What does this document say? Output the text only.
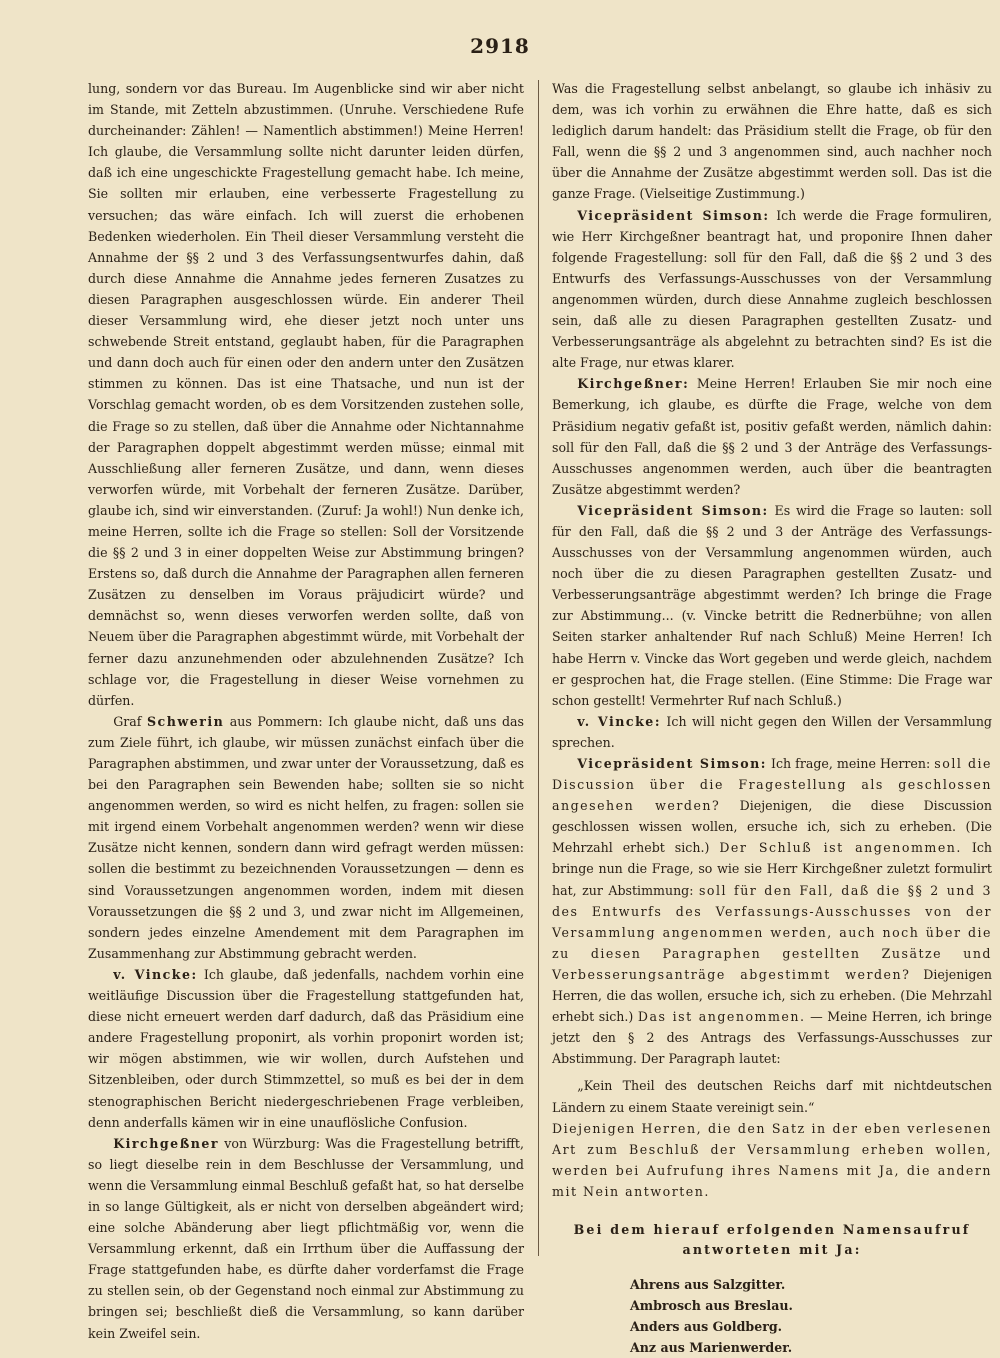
2918

lung, sondern vor das Bureau. Im Augenblicke sind wir aber nicht im Stande, mit Zetteln abzustimmen. (Unruhe. Verschiedene Rufe durcheinander: Zählen! — Namentlich abstimmen!) Meine Herren! Ich glaube, die Versammlung sollte nicht darunter leiden dürfen, daß ich eine ungeschickte Fragestellung gemacht habe. Ich meine, Sie sollten mir erlauben, eine verbesserte Fragestellung zu versuchen; das wäre einfach. Ich will zuerst die erhobenen Bedenken wiederholen. Ein Theil dieser Versammlung versteht die Annahme der §§ 2 und 3 des Verfassungsentwurfes dahin, daß durch diese Annahme die Annahme jedes ferneren Zusatzes zu diesen Paragraphen ausgeschlossen würde. Ein anderer Theil dieser Versammlung wird, ehe dieser jetzt noch unter uns schwebende Streit entstand, geglaubt haben, für die Paragraphen und dann doch auch für einen oder den andern unter den Zusätzen stimmen zu können. Das ist eine Thatsache, und nun ist der Vorschlag gemacht worden, ob es dem Vorsitzenden zustehen solle, die Frage so zu stellen, daß über die Annahme oder Nichtannahme der Paragraphen doppelt abgestimmt werden müsse; einmal mit Ausschließung aller ferneren Zusätze, und dann, wenn dieses verworfen würde, mit Vorbehalt der ferneren Zusätze. Darüber, glaube ich, sind wir einverstanden. (Zuruf: Ja wohl!) Nun denke ich, meine Herren, sollte ich die Frage so stellen: Soll der Vorsitzende die §§ 2 und 3 in einer doppelten Weise zur Abstimmung bringen? Erstens so, daß durch die Annahme der Paragraphen allen ferneren Zusätzen zu denselben im Voraus präjudicirt würde? und demnächst so, wenn dieses verworfen werden sollte, daß von Neuem über die Paragraphen abgestimmt würde, mit Vorbehalt der ferner dazu anzunehmenden oder abzulehnenden Zusätze? Ich schlage vor, die Fragestellung in dieser Weise vornehmen zu dürfen.

Graf Schwerin aus Pommern: Ich glaube nicht, daß uns das zum Ziele führt, ich glaube, wir müssen zunächst einfach über die Paragraphen abstimmen, und zwar unter der Voraussetzung, daß es bei den Paragraphen sein Bewenden habe; sollten sie so nicht angenommen werden, so wird es nicht helfen, zu fragen: sollen sie mit irgend einem Vorbehalt angenommen werden? wenn wir diese Zusätze nicht kennen, sondern dann wird gefragt werden müssen: sollen die bestimmt zu bezeichnenden Voraussetzungen — denn es sind Voraussetzungen angenommen worden, indem mit diesen Voraussetzungen die §§ 2 und 3, und zwar nicht im Allgemeinen, sondern jedes einzelne Amendement mit dem Paragraphen im Zusammenhang zur Abstimmung gebracht werden.

v. Vincke: Ich glaube, daß jedenfalls, nachdem vorhin eine weitläufige Discussion über die Fragestellung stattgefunden hat, diese nicht erneuert werden darf dadurch, daß das Präsidium eine andere Fragestellung proponirt, als vorhin proponirt worden ist; wir mögen abstimmen, wie wir wollen, durch Aufstehen und Sitzenbleiben, oder durch Stimmzettel, so muß es bei der in dem stenographischen Bericht niedergeschriebenen Frage verbleiben, denn anderfalls kämen wir in eine unauflösliche Confusion.

Kirchgeßner von Würzburg: Was die Fragestellung betrifft, so liegt dieselbe rein in dem Beschlusse der Versammlung, und wenn die Versammlung einmal Beschluß gefaßt hat, so hat derselbe in so lange Gültigkeit, als er nicht von derselben abgeändert wird; eine solche Abänderung aber liegt pflichtmäßig vor, wenn die Versammlung erkennt, daß ein Irrthum über die Auffassung der Frage stattgefunden habe, es dürfte daher vorderfamst die Frage zu stellen sein, ob der Gegenstand noch einmal zur Abstimmung zu bringen sei; beschließt dieß die Versammlung, so kann darüber kein Zweifel sein.

Was die Fragestellung selbst anbelangt, so glaube ich inhäsiv zu dem, was ich vorhin zu erwähnen die Ehre hatte, daß es sich lediglich darum handelt: das Präsidium stellt die Frage, ob für den Fall, wenn die §§ 2 und 3 angenommen sind, auch nachher noch über die Annahme der Zusätze abgestimmt werden soll. Das ist die ganze Frage. (Vielseitige Zustimmung.)

Vicepräsident Simson: Ich werde die Frage formuliren, wie Herr Kirchgeßner beantragt hat, und proponire Ihnen daher folgende Fragestellung: soll für den Fall, daß die §§ 2 und 3 des Entwurfs des Verfassungs-Ausschusses von der Versammlung angenommen würden, durch diese Annahme zugleich beschlossen sein, daß alle zu diesen Paragraphen gestellten Zusatz- und Verbesserungsanträge als abgelehnt zu betrachten sind? Es ist die alte Frage, nur etwas klarer.

Kirchgeßner: Meine Herren! Erlauben Sie mir noch eine Bemerkung, ich glaube, es dürfte die Frage, welche von dem Präsidium negativ gefaßt ist, positiv gefaßt werden, nämlich dahin: soll für den Fall, daß die §§ 2 und 3 der Anträge des Verfassungs-Ausschusses angenommen werden, auch über die beantragten Zusätze abgestimmt werden?

Vicepräsident Simson: Es wird die Frage so lauten: soll für den Fall, daß die §§ 2 und 3 der Anträge des Verfassungs-Ausschusses von der Versammlung angenommen würden, auch noch über die zu diesen Paragraphen gestellten Zusatz- und Verbesserungsanträge abgestimmt werden? Ich bringe die Frage zur Abstimmung... (v. Vincke betritt die Rednerbühne; von allen Seiten starker anhaltender Ruf nach Schluß) Meine Herren! Ich habe Herrn v. Vincke das Wort gegeben und werde gleich, nachdem er gesprochen hat, die Frage stellen. (Eine Stimme: Die Frage war schon gestellt! Vermehrter Ruf nach Schluß.)

v. Vincke: Ich will nicht gegen den Willen der Versammlung sprechen.

Vicepräsident Simson: Ich frage, meine Herren: soll die Discussion über die Fragestellung als geschlossen angesehen werden? Diejenigen, die diese Discussion geschlossen wissen wollen, ersuche ich, sich zu erheben. (Die Mehrzahl erhebt sich.) Der Schluß ist angenommen. Ich bringe nun die Frage, so wie sie Herr Kirchgeßner zuletzt formulirt hat, zur Abstimmung: soll für den Fall, daß die §§ 2 und 3 des Entwurfs des Verfassungs-Ausschusses von der Versammlung angenommen werden, auch noch über die zu diesen Paragraphen gestellten Zusätze und Verbesserungsanträge abgestimmt werden? Diejenigen Herren, die das wollen, ersuche ich, sich zu erheben. (Die Mehrzahl erhebt sich.) Das ist angenommen. — Meine Herren, ich bringe jetzt den § 2 des Antrags des Verfassungs-Ausschusses zur Abstimmung. Der Paragraph lautet:

„Kein Theil des deutschen Reichs darf mit nichtdeutschen Ländern zu einem Staate vereinigt sein.“

Diejenigen Herren, die den Satz in der eben verlesenen Art zum Beschluß der Versammlung erheben wollen, werden bei Aufrufung ihres Namens mit Ja, die andern mit Nein antworten.

Bei dem hierauf erfolgenden Namensaufruf antworteten mit Ja:
Ahrens aus Salzgitter.
Ambrosch aus Breslau.
Anders aus Goldberg.
Anz aus Marienwerder.
